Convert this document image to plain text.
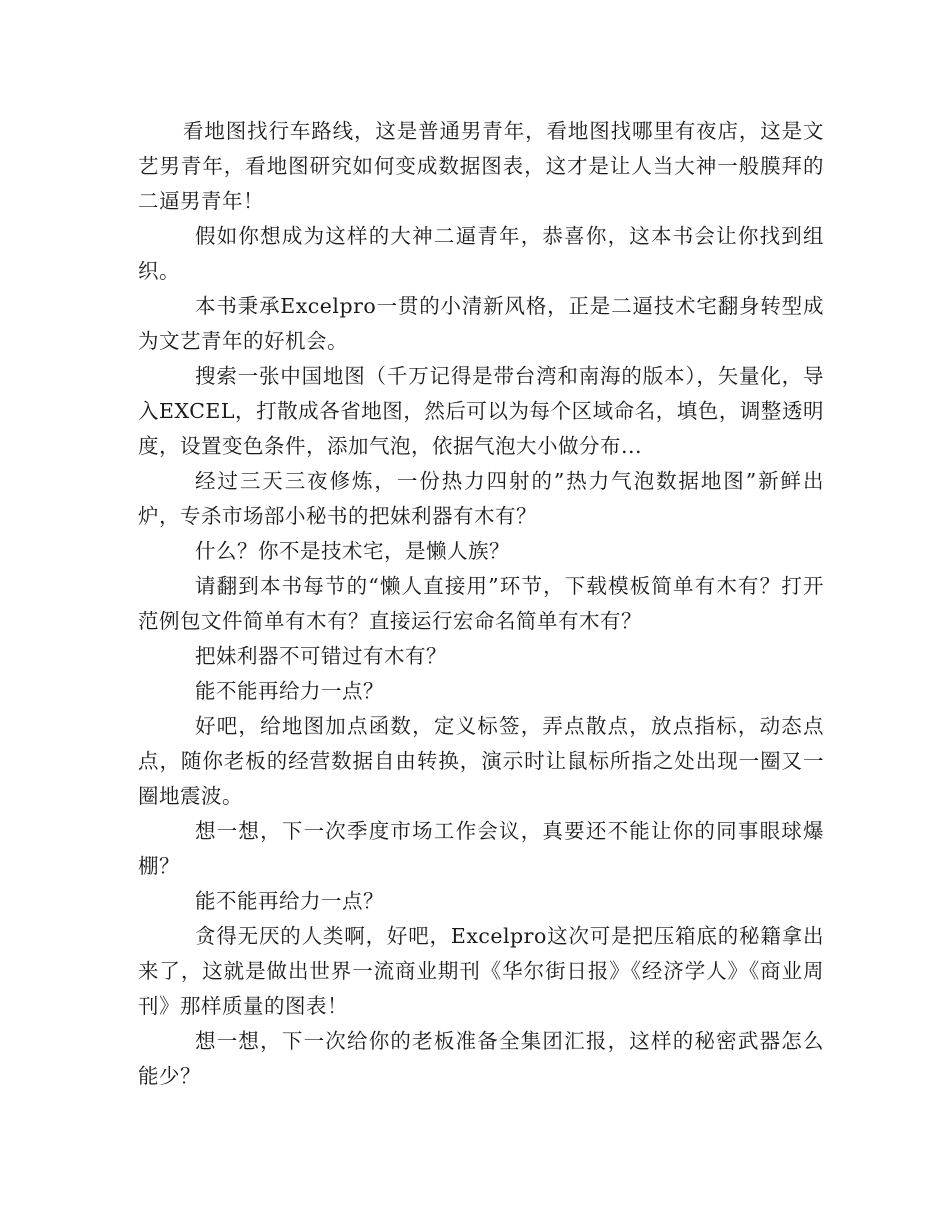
看地图找行车路线，这是普通男青年，看地图找哪里有夜店，这是文艺男青年，看地图研究如何变成数据图表，这才是让人当大神一般膜拜的二逼男青年！

假如你想成为这样的大神二逼青年，恭喜你，这本书会让你找到组织。

本书秉承Excelpro一贯的小清新风格，正是二逼技术宅翻身转型成为文艺青年的好机会。

搜索一张中国地图（千万记得是带台湾和南海的版本），矢量化，导入EXCEL，打散成各省地图，然后可以为每个区域命名，填色，调整透明度，设置变色条件，添加气泡，依据气泡大小做分布...

经过三天三夜修炼，一份热力四射的”热力气泡数据地图”新鲜出炉，专杀市场部小秘书的把妹利器有木有？

什么？你不是技术宅，是懒人族？

请翻到本书每节的“懒人直接用”环节，下载模板简单有木有？打开范例包文件简单有木有？直接运行宏命名简单有木有？

把妹利器不可错过有木有？

能不能再给力一点？

好吧，给地图加点函数，定义标签，弄点散点，放点指标，动态点点，随你老板的经营数据自由转换，演示时让鼠标所指之处出现一圈又一圈地震波。

想一想，下一次季度市场工作会议，真要还不能让你的同事眼球爆棚？

能不能再给力一点？

贪得无厌的人类啊，好吧，Excelpro这次可是把压箱底的秘籍拿出来了，这就是做出世界一流商业期刊《华尔街日报》《经济学人》《商业周刊》那样质量的图表！

想一想，下一次给你的老板准备全集团汇报，这样的秘密武器怎么能少？
